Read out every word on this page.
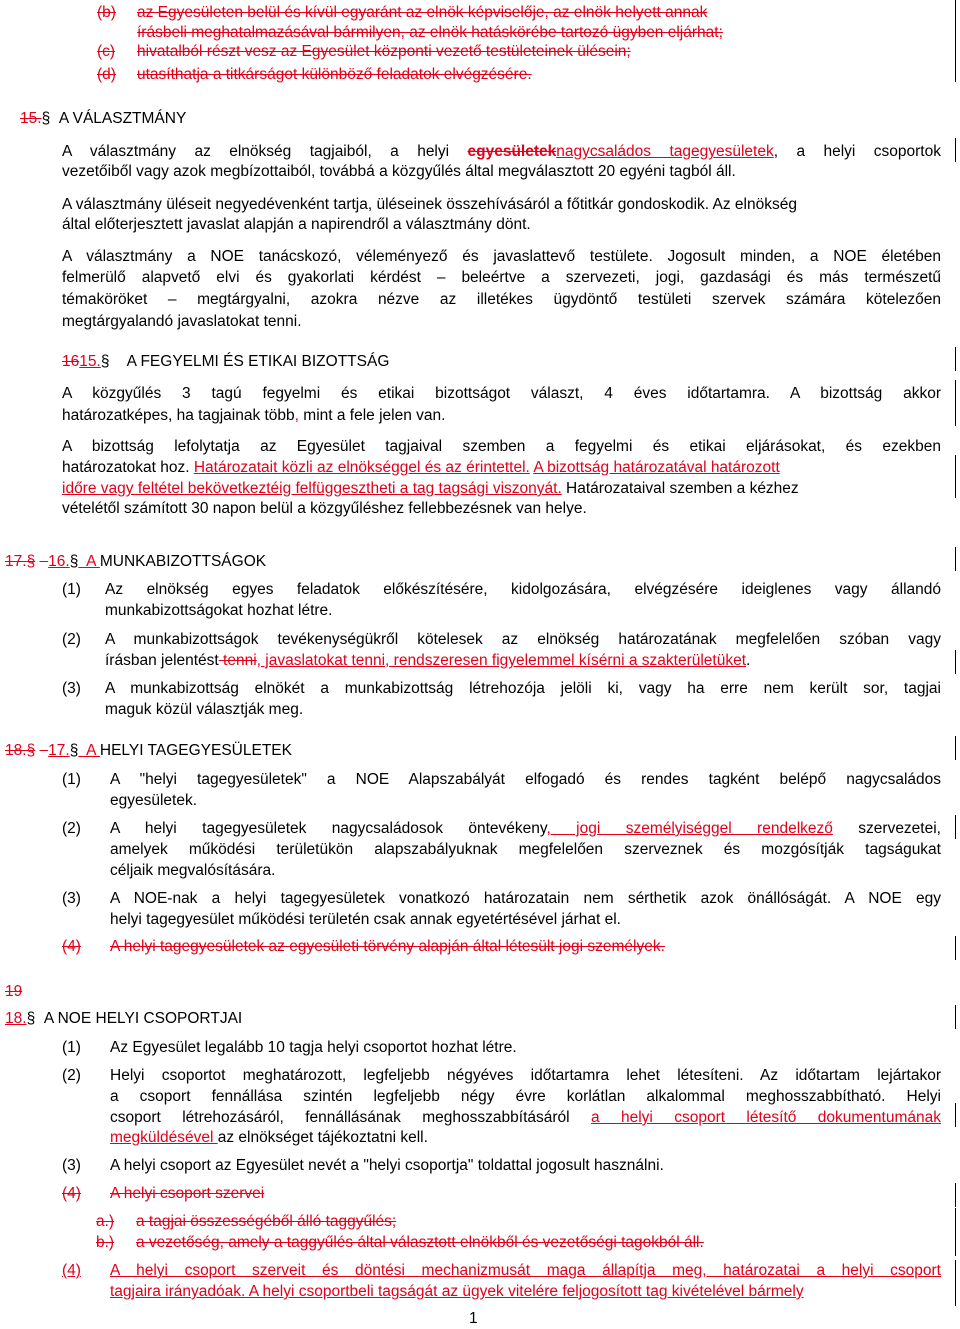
(b) az Egyesületen belül és kívül egyaránt az elnök képviselője, az elnök helyett annak
írásbeli meghatalmazásával bármilyen, az elnök hatáskörébe tartozó ügyben eljárhat;
(c) hivatalból részt vesz az Egyesület központi vezető testületeinek ülésein;
(d) utasíthatja a titkárságot különböző feladatok elvégzésére.
15.§ A VÁLASZTMÁNY
A választmány az elnökség tagjaiból, a helyi egyesületeknagycsaládos tagegyesületek, a helyi csoportok
vezetőiből vagy azok megbízottaiból, továbbá a közgyűlés által megválasztott 20 egyéni tagból áll.
A választmány üléseit negyedévenként tartja, üléseinek összehívásáról a főtitkár gondoskodik. Az elnökség
által előterjesztett javaslat alapján a napirendről a választmány dönt.
A választmány a NOE tanácskozó, véleményező és javaslattevő testülete. Jogosult minden, a NOE életében
felmerülő alapvető elvi és gyakorlati kérdést – beleértve a szervezeti, jogi, gazdasági és más természetű
témaköröket – megtárgyalni, azokra nézve az illetékes ügydöntő testületi szervek számára kötelezően
megtárgyalandó javaslatokat tenni.
1615.§ A FEGYELMI ÉS ETIKAI BIZOTTSÁG
A közgyűlés 3 tagú fegyelmi és etikai bizottságot választ, 4 éves időtartamra. A bizottság akkor
határozatképes, ha tagjainak több, mint a fele jelen van.
A bizottság lefolytatja az Egyesület tagjaival szemben a fegyelmi és etikai eljárásokat, és ezekben
határozatokat hoz. Határozatait közli az elnökséggel és az érintettel. A bizottság határozatával határozott
időre vagy feltétel bekövetkeztéig felfüggesztheti a tag tagsági viszonyát. Határozataival szemben a kézhez
vételétől számított 30 napon belül a közgyűléshez fellebbezésnek van helye.
17.§ 16.§  A MUNKABIZOTTSÁGOK
(1) Az elnökség egyes feladatok előkészítésére, kidolgozására, elvégzésére ideiglenes vagy állandó
munkabizottságokat hozhat létre.
(2) A munkabizottságok tevékenységükről kötelesek az elnökség határozatának megfelelően szóban vagy
írásban jelentést tenni, javaslatokat tenni, rendszeresen figyelemmel kísérni a szakterületüket.
(3) A munkabizottság elnökét a munkabizottság létrehozója jelöli ki, vagy ha erre nem került sor, tagjai
maguk közül választják meg.
18.§ 17.§  A HELYI TAGEGYESÜLETEK
(1) A "helyi tagegyesületek" a NOE Alapszabályát elfogadó és rendes tagként belépő nagycsaládos
egyesületek.
(2) A helyi tagegyesületek nagycsaládosok öntevékeny, jogi személyiséggel rendelkező szervezetei,
amelyek működési területükön alapszabályuknak megfelelően szerveznek és mozgósítják tagságukat
céljaik megvalósítására.
(3) A NOE-nak a helyi tagegyesületek vonatkozó határozatain nem sérthetik azok önállóságát. A NOE egy
helyi tagegyesület működési területén csak annak egyetértésével járhat el.
(4) A helyi tagegyesületek az egyesületi törvény alapján által létesült jogi személyek.
19
18.§ A NOE HELYI CSOPORTJAI
(1) Az Egyesület legalább 10 tagja helyi csoportot hozhat létre.
(2) Helyi csoportot meghatározott, legfeljebb négyéves időtartamra lehet létesíteni. Az időtartam lejártakor
a csoport fennállása szintén legfeljebb négy évre korlátlan alkalommal meghosszabbítható. Helyi
csoport létrehozásáról, fennállásának meghosszabbításáról a helyi csoport létesítő dokumentumának
megküldésével az elnökséget tájékoztatni kell.
(3) A helyi csoport az Egyesület nevét a "helyi csoportja" toldattal jogosult használni.
(4) A helyi csoport szervei
a.) a tagjai összességéből álló taggyűlés;
b.) a vezetőség, amely a taggyűlés által választott elnökből és vezetőségi tagokból áll.
(4) A helyi csoport szerveit és döntési mechanizmusát maga állapítja meg, határozatai a helyi csoport
tagjaira irányadóak. A helyi csoportbeli tagságát az ügyek vitelére feljogosított tag kivételével bármely
1
